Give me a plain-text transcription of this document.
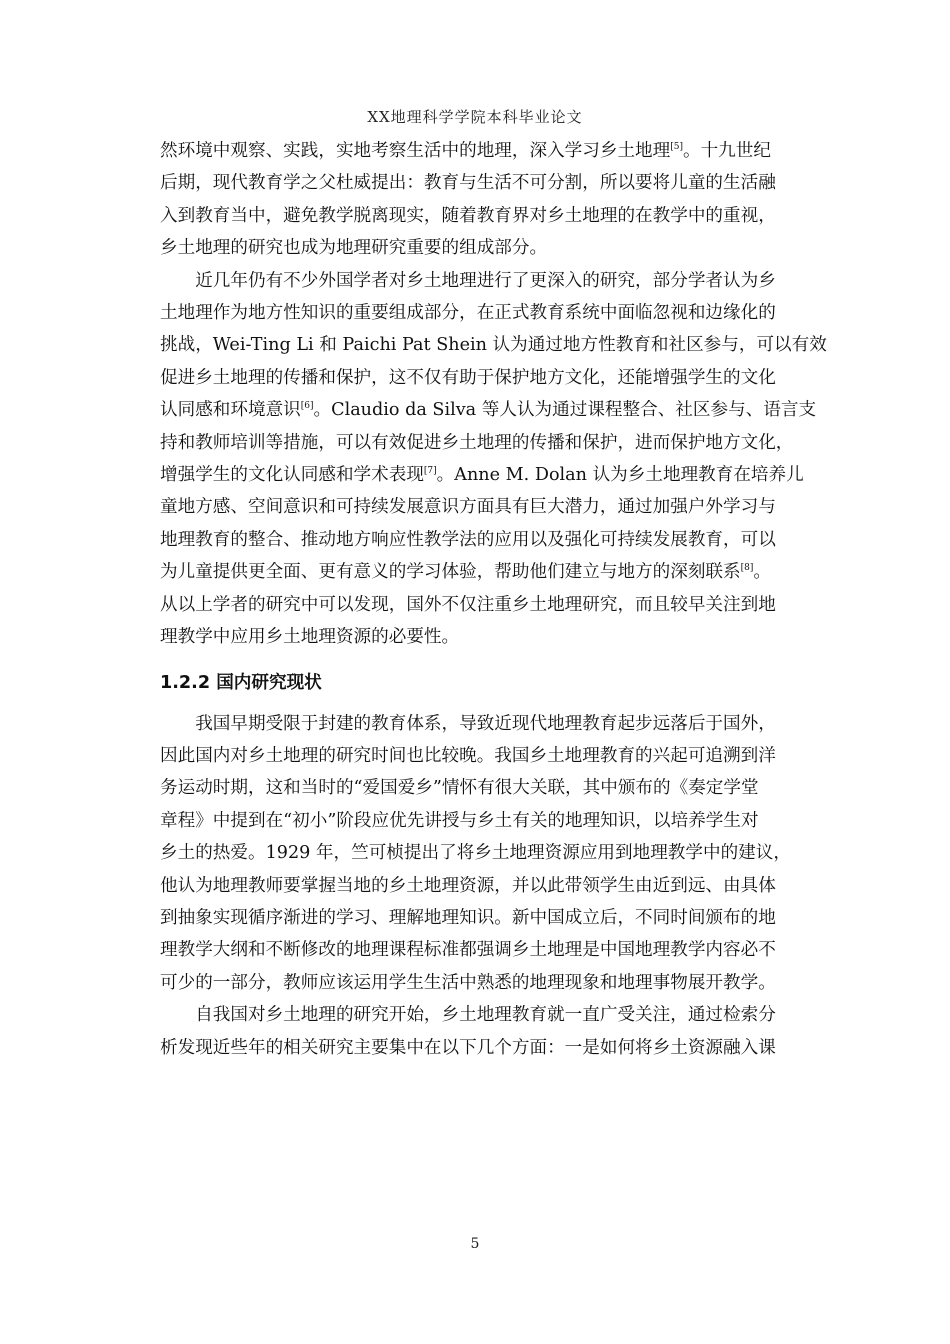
XX地理科学学院本科毕业论文

然环境中观察、实践，实地考察生活中的地理，深入学习乡土地理[5]。十九世纪
后期，现代教育学之父杜威提出：教育与生活不可分割，所以要将儿童的生活融
入到教育当中，避免教学脱离现实，随着教育界对乡土地理的在教学中的重视，
乡土地理的研究也成为地理研究重要的组成部分。

  近几年仍有不少外国学者对乡土地理进行了更深入的研究，部分学者认为乡
土地理作为地方性知识的重要组成部分，在正式教育系统中面临忽视和边缘化的
挑战，Wei-Ting Li 和 Paichi Pat Shein 认为通过地方性教育和社区参与，可以有效
促进乡土地理的传播和保护，这不仅有助于保护地方文化，还能增强学生的文化
认同感和环境意识[6]。Claudio da Silva 等人认为通过课程整合、社区参与、语言支
持和教师培训等措施，可以有效促进乡土地理的传播和保护，进而保护地方文化，
增强学生的文化认同感和学术表现[7]。Anne M. Dolan 认为乡土地理教育在培养儿
童地方感、空间意识和可持续发展意识方面具有巨大潜力，通过加强户外学习与
地理教育的整合、推动地方响应性教学法的应用以及强化可持续发展教育，可以
为儿童提供更全面、更有意义的学习体验，帮助他们建立与地方的深刻联系[8]。
从以上学者的研究中可以发现，国外不仅注重乡土地理研究，而且较早关注到地
理教学中应用乡土地理资源的必要性。

1.2.2 国内研究现状

  我国早期受限于封建的教育体系，导致近现代地理教育起步远落后于国外，
因此国内对乡土地理的研究时间也比较晚。我国乡土地理教育的兴起可追溯到洋
务运动时期，这和当时的“爱国爱乡”情怀有很大关联，其中颁布的《奏定学堂
章程》中提到在“初小”阶段应优先讲授与乡土有关的地理知识，以培养学生对
乡土的热爱。1929 年，竺可桢提出了将乡土地理资源应用到地理教学中的建议，
他认为地理教师要掌握当地的乡土地理资源，并以此带领学生由近到远、由具体
到抽象实现循序渐进的学习、理解地理知识。新中国成立后，不同时间颁布的地
理教学大纲和不断修改的地理课程标准都强调乡土地理是中国地理教学内容必不
可少的一部分，教师应该运用学生生活中熟悉的地理现象和地理事物展开教学。

  自我国对乡土地理的研究开始，乡土地理教育就一直广受关注，通过检索分
析发现近些年的相关研究主要集中在以下几个方面：一是如何将乡土资源融入课

5
